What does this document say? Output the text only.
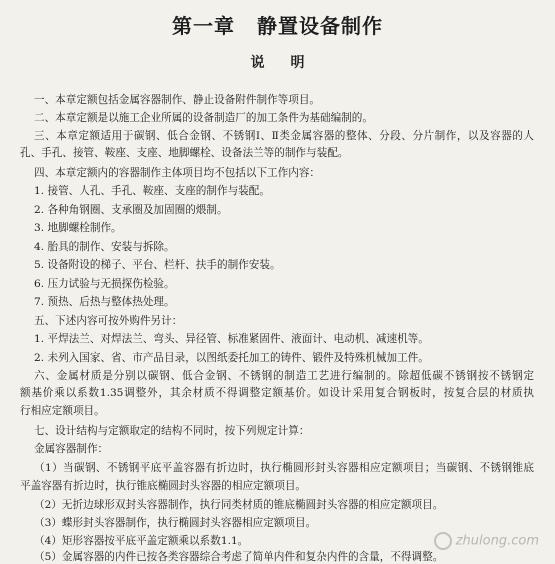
第一章 静置设备制作
说 明
一、本章定额包括金属容器制作、静止设备附件制作等项目。
二、本章定额是以施工企业所属的设备制造厂的加工条件为基础编制的。
三、本章定额适用于碳钢、低合金钢、不锈钢Ⅰ、Ⅱ类金属容器的整体、分段、分片制作，以及容器的人
孔、手孔、接管、鞍座、支座、地脚螺栓、设备法兰等的制作与装配。
四、本章定额内的容器制作主体项目均不包括以下工作内容：
1. 接管、人孔、手孔、鞍座、支座的制作与装配。
2. 各种角钢圈、支承圈及加固圈的煨制。
3. 地脚螺栓制作。
4. 胎具的制作、安装与拆除。
5. 设备附设的梯子、平台、栏杆、扶手的制作安装。
6. 压力试验与无损探伤检验。
7. 预热、后热与整体热处理。
五、下述内容可按外购件另计：
1. 平焊法兰、对焊法兰、弯头、异径管、标准紧固件、液面计、电动机、减速机等。
2. 未列入国家、省、市产品目录，以图纸委托加工的铸件、锻件及特殊机械加工件。
六、金属材质是分别以碳钢、低合金钢、不锈钢的制造工艺进行编制的。除超低碳不锈钢按不锈钢定
额基价乘以系数1.35调整外，其余材质不得调整定额基价。如设计采用复合钢板时，按复合层的材质执
行相应定额项目。
七、设计结构与定额取定的结构不同时，按下列规定计算：
金属容器制作：
（1）当碳钢、不锈钢平底平盖容器有折边时，执行椭圆形封头容器相应定额项目；当碳钢、不锈钢锥底
平盖容器有折边时，执行锥底椭圆封头容器的相应定额项目。
（2）无折边球形双封头容器制作，执行同类材质的锥底椭圆封头容器的相应定额项目。
（3）蝶形封头容器制作，执行椭圆封头容器相应定额项目。
（4）矩形容器按平底平盖定额乘以系数1.1。
（5）金属容器的内件已按各类容器综合考虑了简单内件和复杂内件的含量，不得调整。
zhulong.com
